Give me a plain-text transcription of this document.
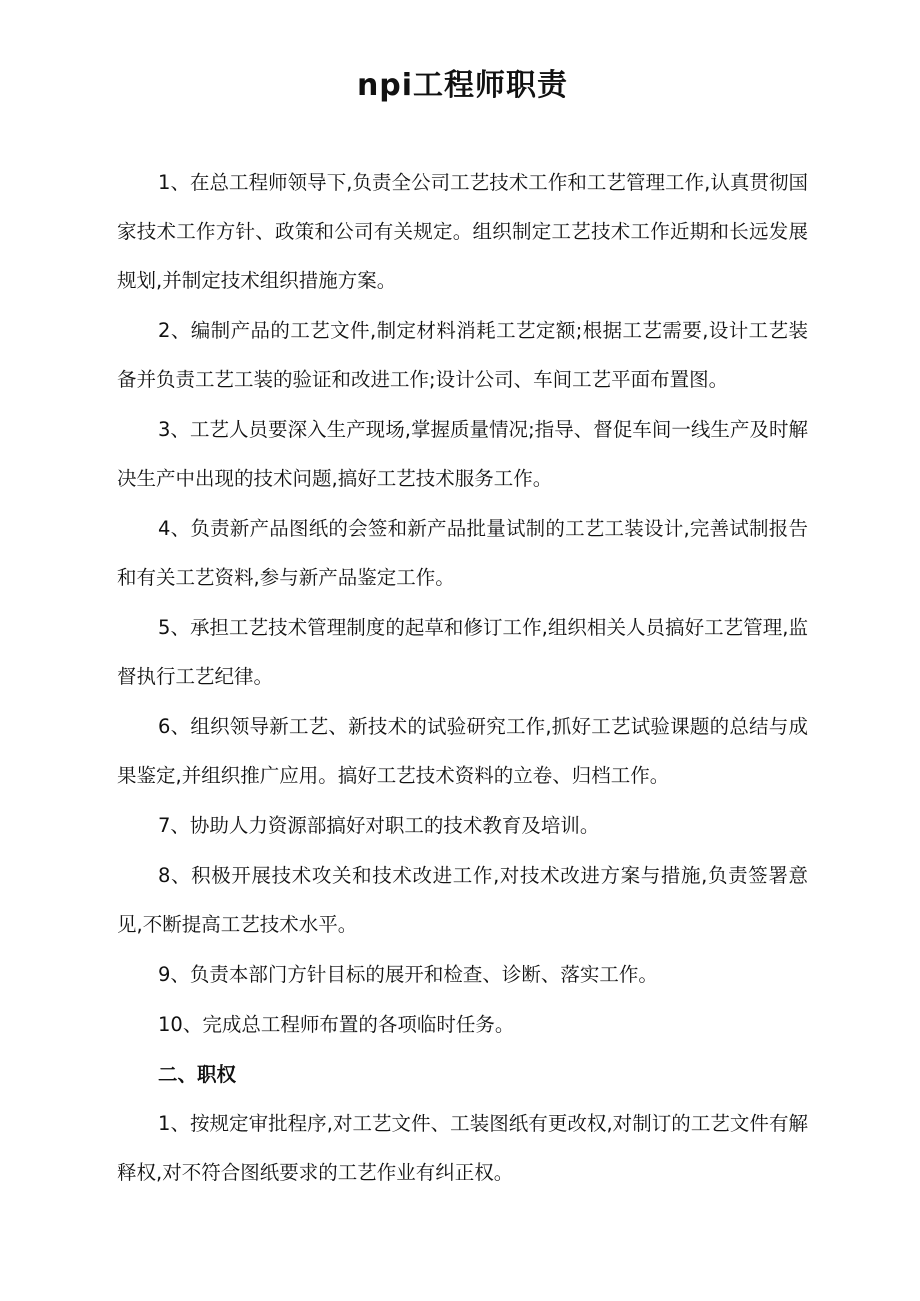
npi工程师职责

1、在总工程师领导下,负责全公司工艺技术工作和工艺管理工作,认真贯彻国家技术工作方针、政策和公司有关规定。组织制定工艺技术工作近期和长远发展规划,并制定技术组织措施方案。

2、编制产品的工艺文件,制定材料消耗工艺定额;根据工艺需要,设计工艺装备并负责工艺工装的验证和改进工作;设计公司、车间工艺平面布置图。

3、工艺人员要深入生产现场,掌握质量情况;指导、督促车间一线生产及时解决生产中出现的技术问题,搞好工艺技术服务工作。

4、负责新产品图纸的会签和新产品批量试制的工艺工装设计,完善试制报告和有关工艺资料,参与新产品鉴定工作。

5、承担工艺技术管理制度的起草和修订工作,组织相关人员搞好工艺管理,监督执行工艺纪律。

6、组织领导新工艺、新技术的试验研究工作,抓好工艺试验课题的总结与成果鉴定,并组织推广应用。搞好工艺技术资料的立卷、归档工作。

7、协助人力资源部搞好对职工的技术教育及培训。

8、积极开展技术攻关和技术改进工作,对技术改进方案与措施,负责签署意见,不断提高工艺技术水平。

9、负责本部门方针目标的展开和检查、诊断、落实工作。

10、完成总工程师布置的各项临时任务。

二、职权

1、按规定审批程序,对工艺文件、工装图纸有更改权,对制订的工艺文件有解释权,对不符合图纸要求的工艺作业有纠正权。
